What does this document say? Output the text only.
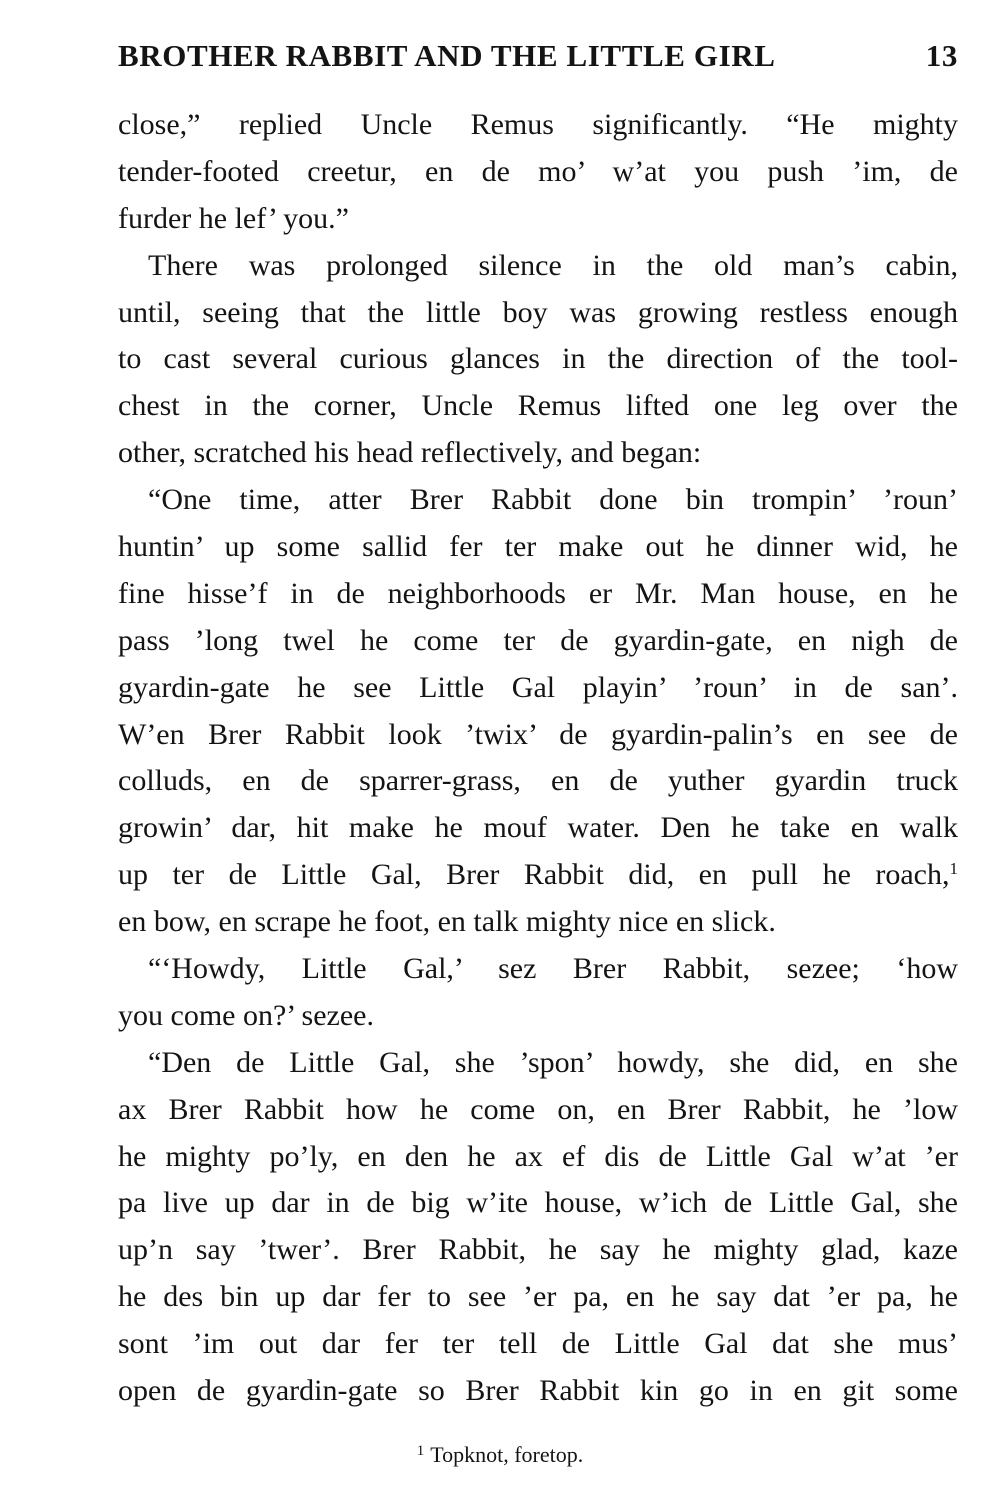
BROTHER RABBIT AND THE LITTLE GIRL	13
close,” replied Uncle Remus significantly. “He mighty
tender-footed creetur, en de mo’ w’at you push ’im, de
furder he lef’ you.”
There was prolonged silence in the old man’s cabin,
until, seeing that the little boy was growing restless enough
to cast several curious glances in the direction of the tool-
chest in the corner, Uncle Remus lifted one leg over the
other, scratched his head reflectively, and began:
“One time, atter Brer Rabbit done bin trompin’ ’roun’
huntin’ up some sallid fer ter make out he dinner wid, he
fine hisse’f in de neighborhoods er Mr. Man house, en he
pass ’long twel he come ter de gyardin-gate, en nigh de
gyardin-gate he see Little Gal playin’ ’roun’ in de san’.
W’en Brer Rabbit look ’twix’ de gyardin-palin’s en see de
colluds, en de sparrer-grass, en de yuther gyardin truck
growin’ dar, hit make he mouf water. Den he take en walk
up ter de Little Gal, Brer Rabbit did, en pull he roach,$^1$
en bow, en scrape he foot, en talk mighty nice en slick.
“‘Howdy, Little Gal,’ sez Brer Rabbit, sezee; ‘how
you come on?’ sezee.
“Den de Little Gal, she ’spon’ howdy, she did, en she
ax Brer Rabbit how he come on, en Brer Rabbit, he ’low
he mighty po’ly, en den he ax ef dis de Little Gal w’at ’er
pa live up dar in de big w’ite house, w’ich de Little Gal, she
up’n say ’twer’. Brer Rabbit, he say he mighty glad, kaze
he des bin up dar fer to see ’er pa, en he say dat ’er pa, he
sont ’im out dar fer ter tell de Little Gal dat she mus’
open de gyardin-gate so Brer Rabbit kin go in en git some
$^1$ Topknot, foretop.
